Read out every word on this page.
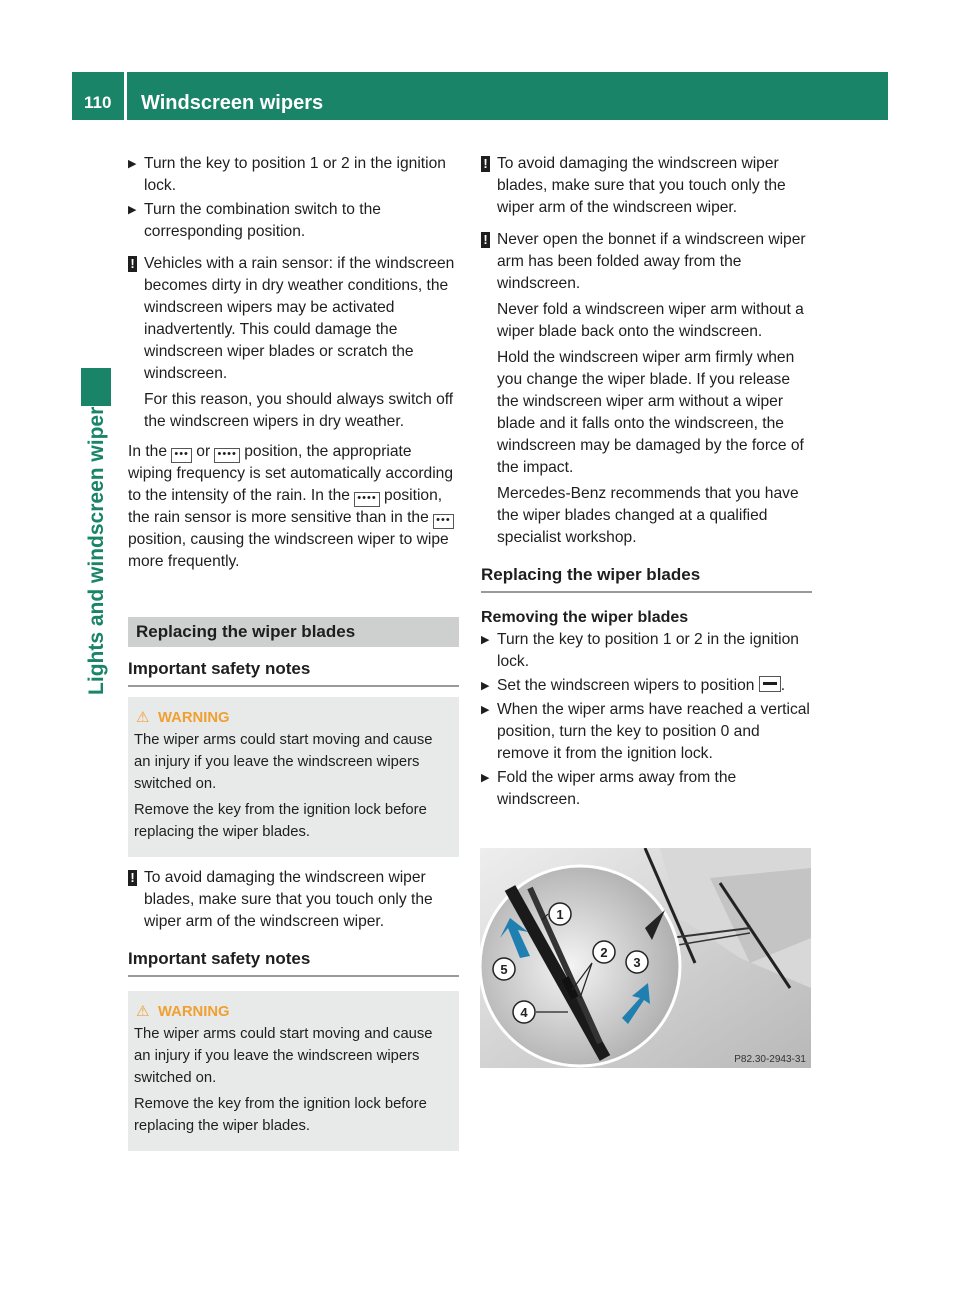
110 Windscreen wipers
Lights and windscreen wipers
▶ Turn the key to position 1 or 2 in the ignition lock.
▶ Turn the combination switch to the corresponding position.
! Vehicles with a rain sensor: if the windscreen becomes dirty in dry weather conditions, the windscreen wipers may be activated inadvertently. This could damage the windscreen wiper blades or scratch the windscreen.

For this reason, you should always switch off the windscreen wipers in dry weather.

In the ••• or •••• position, the appropriate wiping frequency is set automatically according to the intensity of the rain. In the •••• position, the rain sensor is more sensitive than in the ••• position, causing the windscreen wiper to wipe more frequently.

Replacing the wiper blades
Important safety notes
⚠ WARNING

The wiper arms could start moving and cause an injury if you leave the windscreen wipers switched on.

Remove the key from the ignition lock before replacing the wiper blades.

! To avoid damaging the windscreen wiper blades, make sure that you touch only the wiper arm of the windscreen wiper.

Important safety notes
⚠ WARNING

The wiper arms could start moving and cause an injury if you leave the windscreen wipers switched on.

Remove the key from the ignition lock before replacing the wiper blades.

! To avoid damaging the windscreen wiper blades, make sure that you touch only the wiper arm of the windscreen wiper.

! Never open the bonnet if a windscreen wiper arm has been folded away from the windscreen.

Never fold a windscreen wiper arm without a wiper blade back onto the windscreen.

Hold the windscreen wiper arm firmly when you change the wiper blade. If you release the windscreen wiper arm without a wiper blade and it falls onto the windscreen, the windscreen may be damaged by the force of the impact.

Mercedes-Benz recommends that you have the wiper blades changed at a qualified specialist workshop.

Replacing the wiper blades
Removing the wiper blades
▶ Turn the key to position 1 or 2 in the ignition lock.
▶ Set the windscreen wipers to position .
▶ When the wiper arms have reached a vertical position, turn the key to position 0 and remove it from the ignition lock.
▶ Fold the wiper arms away from the windscreen.
1
2
3
4
5
P82.30-2943-31
